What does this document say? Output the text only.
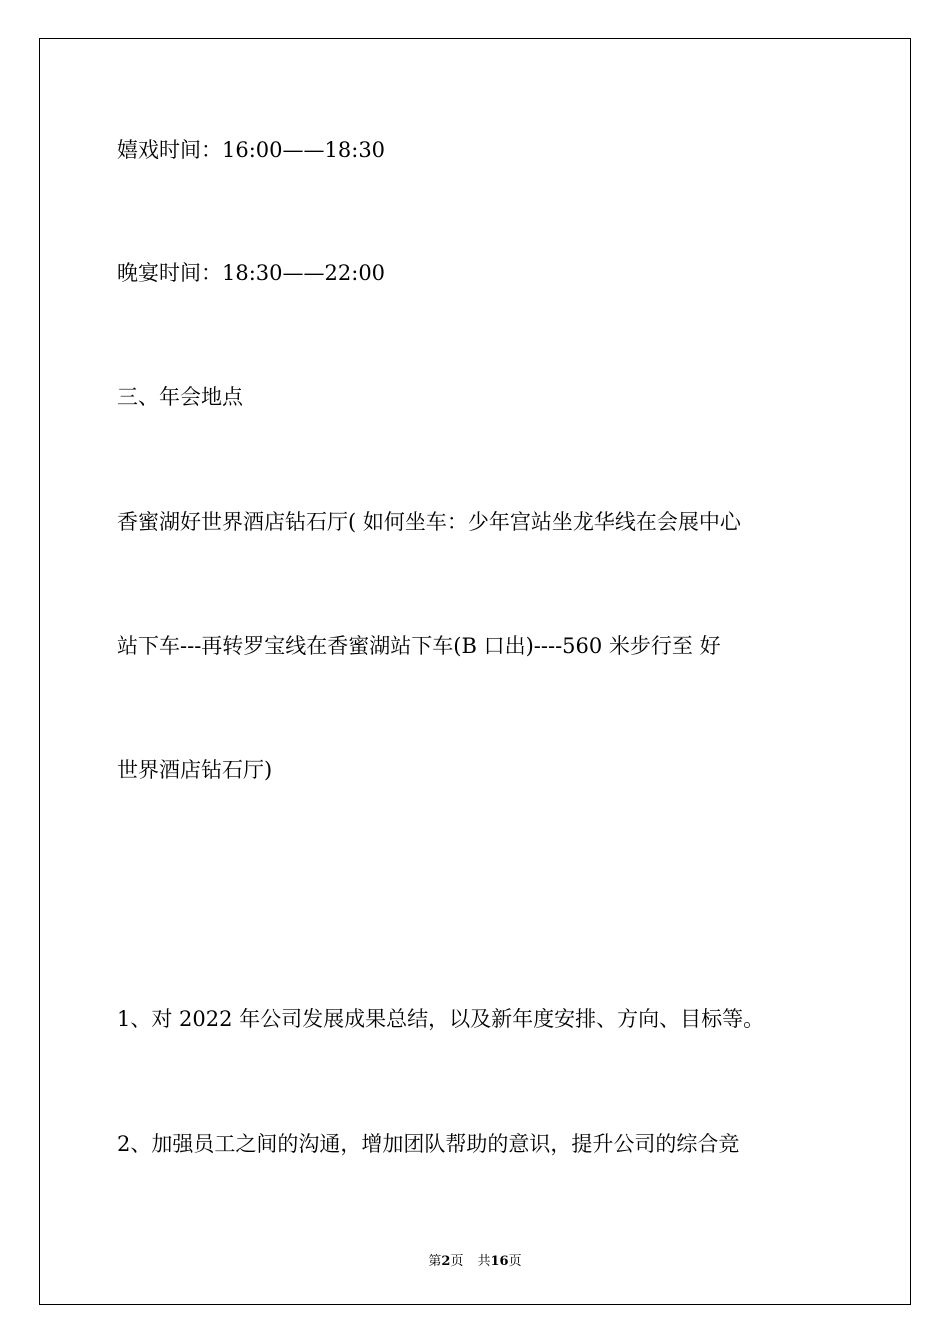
嬉戏时间：16:00——18:30
晚宴时间：18:30——22:00
三、年会地点
香蜜湖好世界酒店钻石厅( 如何坐车：少年宫站坐龙华线在会展中心
站下车---再转罗宝线在香蜜湖站下车(B 口出)----560 米步行至 好
世界酒店钻石厅)
1、对 2022 年公司发展成果总结，以及新年度安排、方向、目标等。
2、加强员工之间的沟通，增加团队帮助的意识，提升公司的综合竞
第2页 共16页
